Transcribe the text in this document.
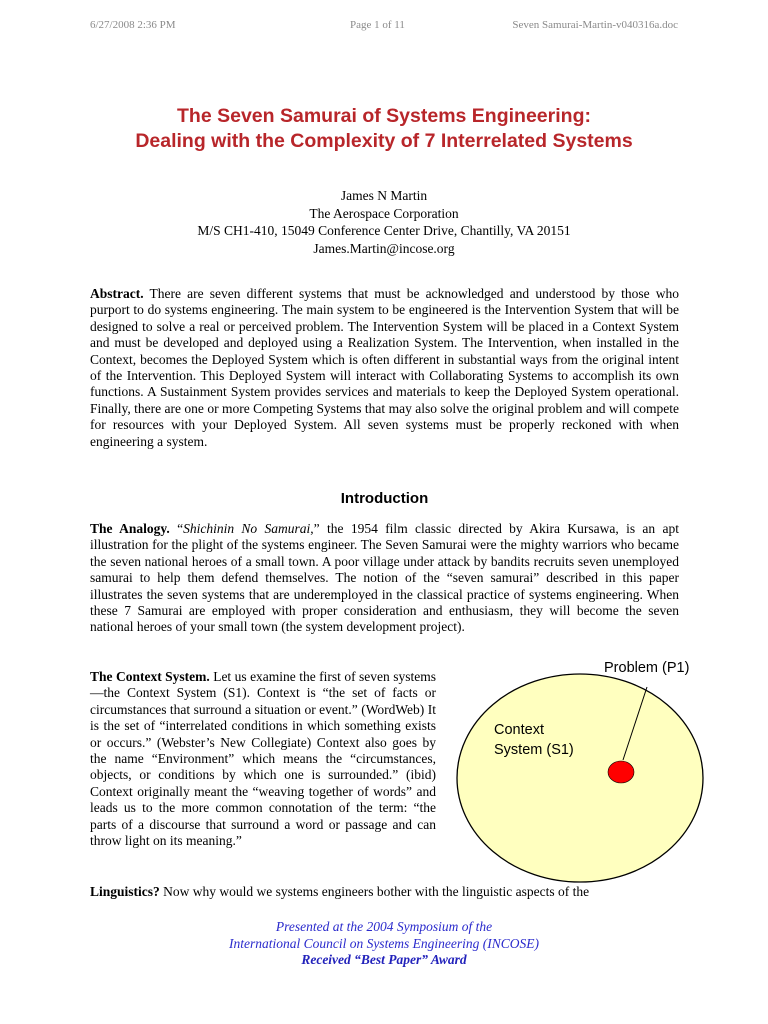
6/27/2008 2:36 PM	Page 1 of 11	Seven Samurai-Martin-v040316a.doc
The Seven Samurai of Systems Engineering:
Dealing with the Complexity of 7 Interrelated Systems
James N Martin
The Aerospace Corporation
M/S CH1-410, 15049 Conference Center Drive, Chantilly, VA 20151
James.Martin@incose.org
Abstract. There are seven different systems that must be acknowledged and understood by those who purport to do systems engineering. The main system to be engineered is the Intervention System that will be designed to solve a real or perceived problem. The Intervention System will be placed in a Context System and must be developed and deployed using a Realization System. The Intervention, when installed in the Context, becomes the Deployed System which is often different in substantial ways from the original intent of the Intervention. This Deployed System will interact with Collaborating Systems to accomplish its own functions. A Sustainment System provides services and materials to keep the Deployed System operational. Finally, there are one or more Competing Systems that may also solve the original problem and will compete for resources with your Deployed System. All seven systems must be properly reckoned with when engineering a system.
Introduction
The Analogy. “Shichinin No Samurai,” the 1954 film classic directed by Akira Kursawa, is an apt illustration for the plight of the systems engineer. The Seven Samurai were the mighty warriors who became the seven national heroes of a small town. A poor village under attack by bandits recruits seven unemployed samurai to help them defend themselves. The notion of the “seven samurai” described in this paper illustrates the seven systems that are underemployed in the classical practice of systems engineering. When these 7 Samurai are employed with proper consideration and enthusiasm, they will become the seven national heroes of your small town (the system development project).
The Context System. Let us examine the first of seven systems—the Context System (S1). Context is “the set of facts or circumstances that surround a situation or event.” (WordWeb) It is the set of “interrelated conditions in which something exists or occurs.” (Webster’s New Collegiate) Context also goes by the name “Environment” which means the “circumstances, objects, or conditions by which one is surrounded.” (ibid) Context originally meant the “weaving together of words” and leads us to the more common connotation of the term: “the parts of a discourse that surround a word or passage and can throw light on its meaning.”
Problem (P1)
Context
System (S1)
Linguistics? Now why would we systems engineers bother with the linguistic aspects of the
Presented at the 2004 Symposium of the
International Council on Systems Engineering (INCOSE)
Received “Best Paper” Award
